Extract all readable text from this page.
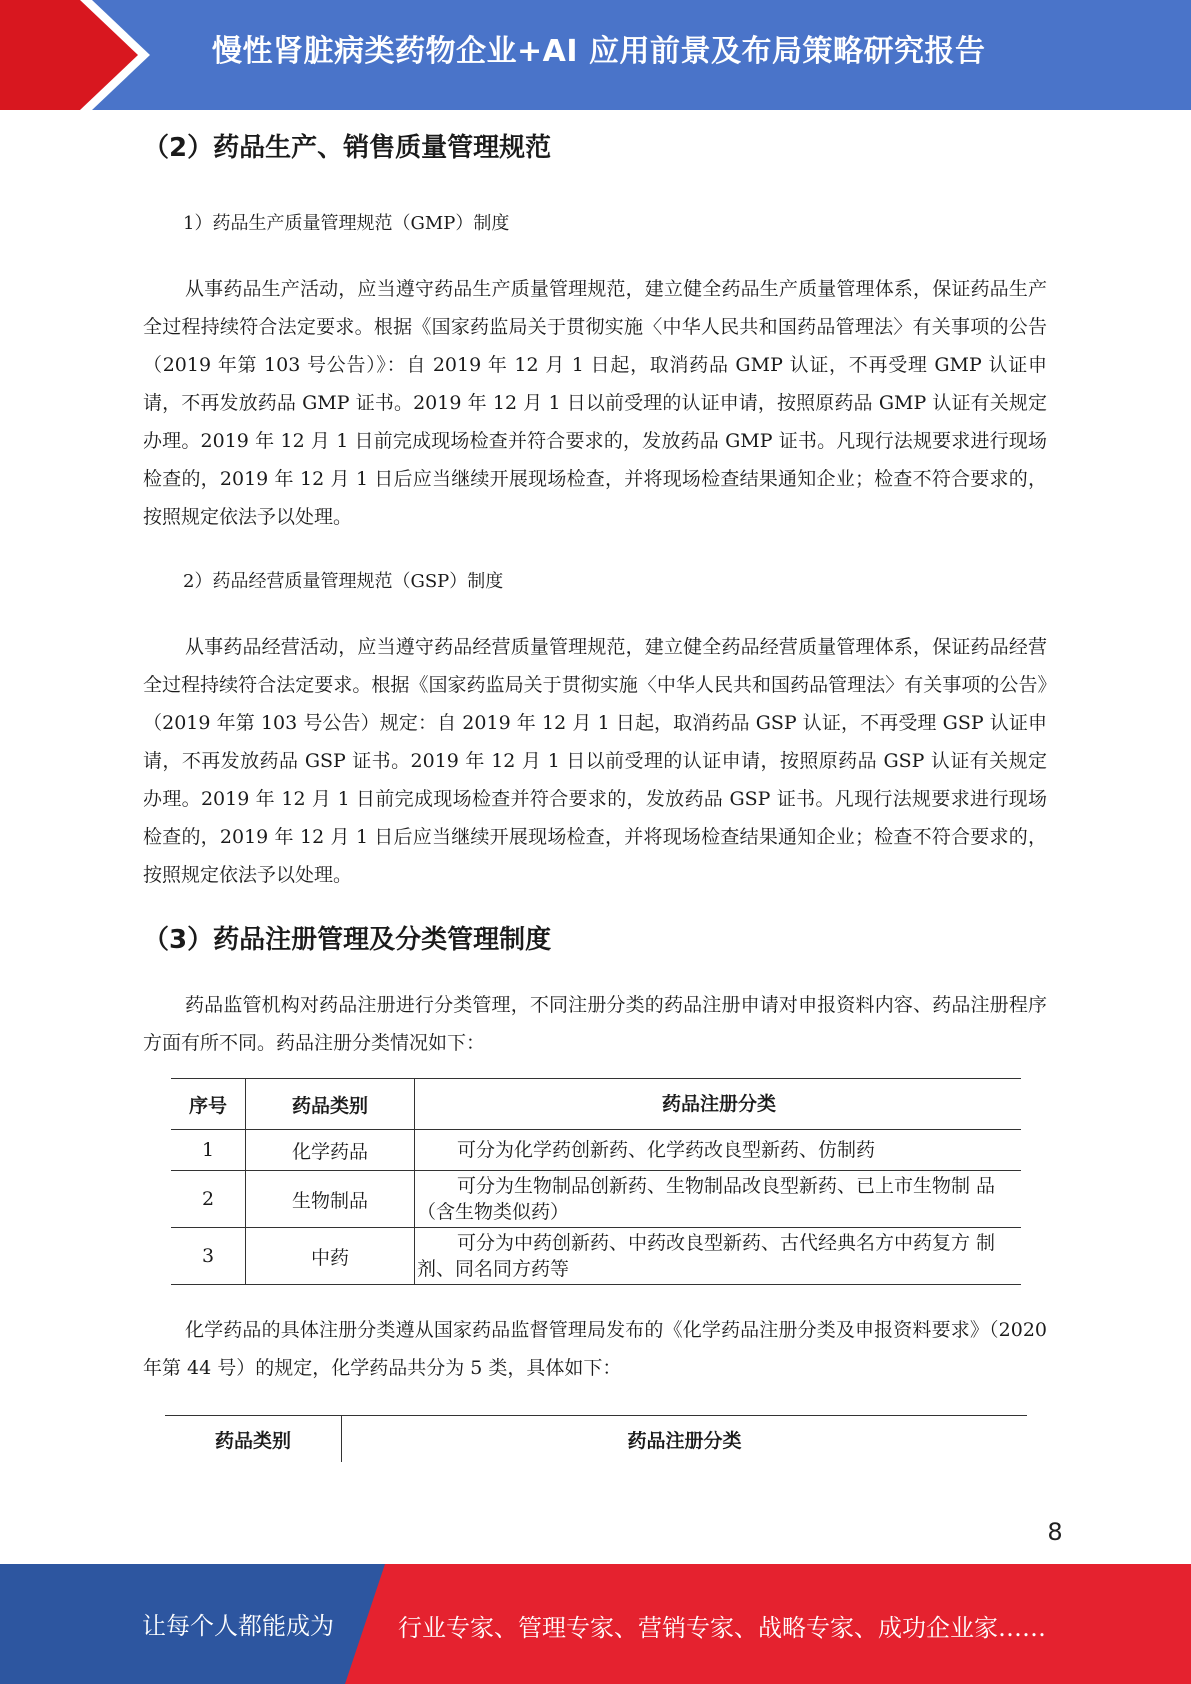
慢性肾脏病类药物企业+AI 应用前景及布局策略研究报告
（2）药品生产、销售质量管理规范
1）药品生产质量管理规范（GMP）制度
从事药品生产活动，应当遵守药品生产质量管理规范，建立健全药品生产质量管理体系，保证药品生产全过程持续符合法定要求。根据《国家药监局关于贯彻实施〈中华人民共和国药品管理法〉有关事项的公告（2019 年第 103 号公告）》：自 2019 年 12 月 1 日起，取消药品 GMP 认证，不再受理 GMP 认证申请，不再发放药品 GMP 证书。2019 年 12 月 1 日以前受理的认证申请，按照原药品 GMP 认证有关规定办理。2019 年 12 月 1 日前完成现场检查并符合要求的，发放药品 GMP 证书。凡现行法规要求进行现场检查的，2019 年 12 月 1 日后应当继续开展现场检查，并将现场检查结果通知企业；检查不符合要求的，按照规定依法予以处理。
2）药品经营质量管理规范（GSP）制度
从事药品经营活动，应当遵守药品经营质量管理规范，建立健全药品经营质量管理体系，保证药品经营全过程持续符合法定要求。根据《国家药监局关于贯彻实施〈中华人民共和国药品管理法〉有关事项的公告》（2019 年第 103 号公告）规定：自 2019 年 12 月 1 日起，取消药品 GSP 认证，不再受理 GSP 认证申请，不再发放药品 GSP 证书。2019 年 12 月 1 日以前受理的认证申请，按照原药品 GSP 认证有关规定办理。2019 年 12 月 1 日前完成现场检查并符合要求的，发放药品 GSP 证书。凡现行法规要求进行现场检查的，2019 年 12 月 1 日后应当继续开展现场检查，并将现场检查结果通知企业；检查不符合要求的，按照规定依法予以处理。
（3）药品注册管理及分类管理制度
药品监管机构对药品注册进行分类管理，不同注册分类的药品注册申请对申报资料内容、药品注册程序方面有所不同。药品注册分类情况如下：
序号	药品类别	药品注册分类
1	化学药品	可分为化学药创新药、化学药改良型新药、仿制药
2	生物制品	可分为生物制品创新药、生物制品改良型新药、已上市生物制 品（含生物类似药）
3	中药	可分为中药创新药、中药改良型新药、古代经典名方中药复方 制剂、同名同方药等
化学药品的具体注册分类遵从国家药品监督管理局发布的《化学药品注册分类及申报资料要求》（2020 年第 44 号）的规定，化学药品共分为 5 类，具体如下：
药品类别	药品注册分类
8
让每个人都能成为	行业专家、管理专家、营销专家、战略专家、成功企业家……
